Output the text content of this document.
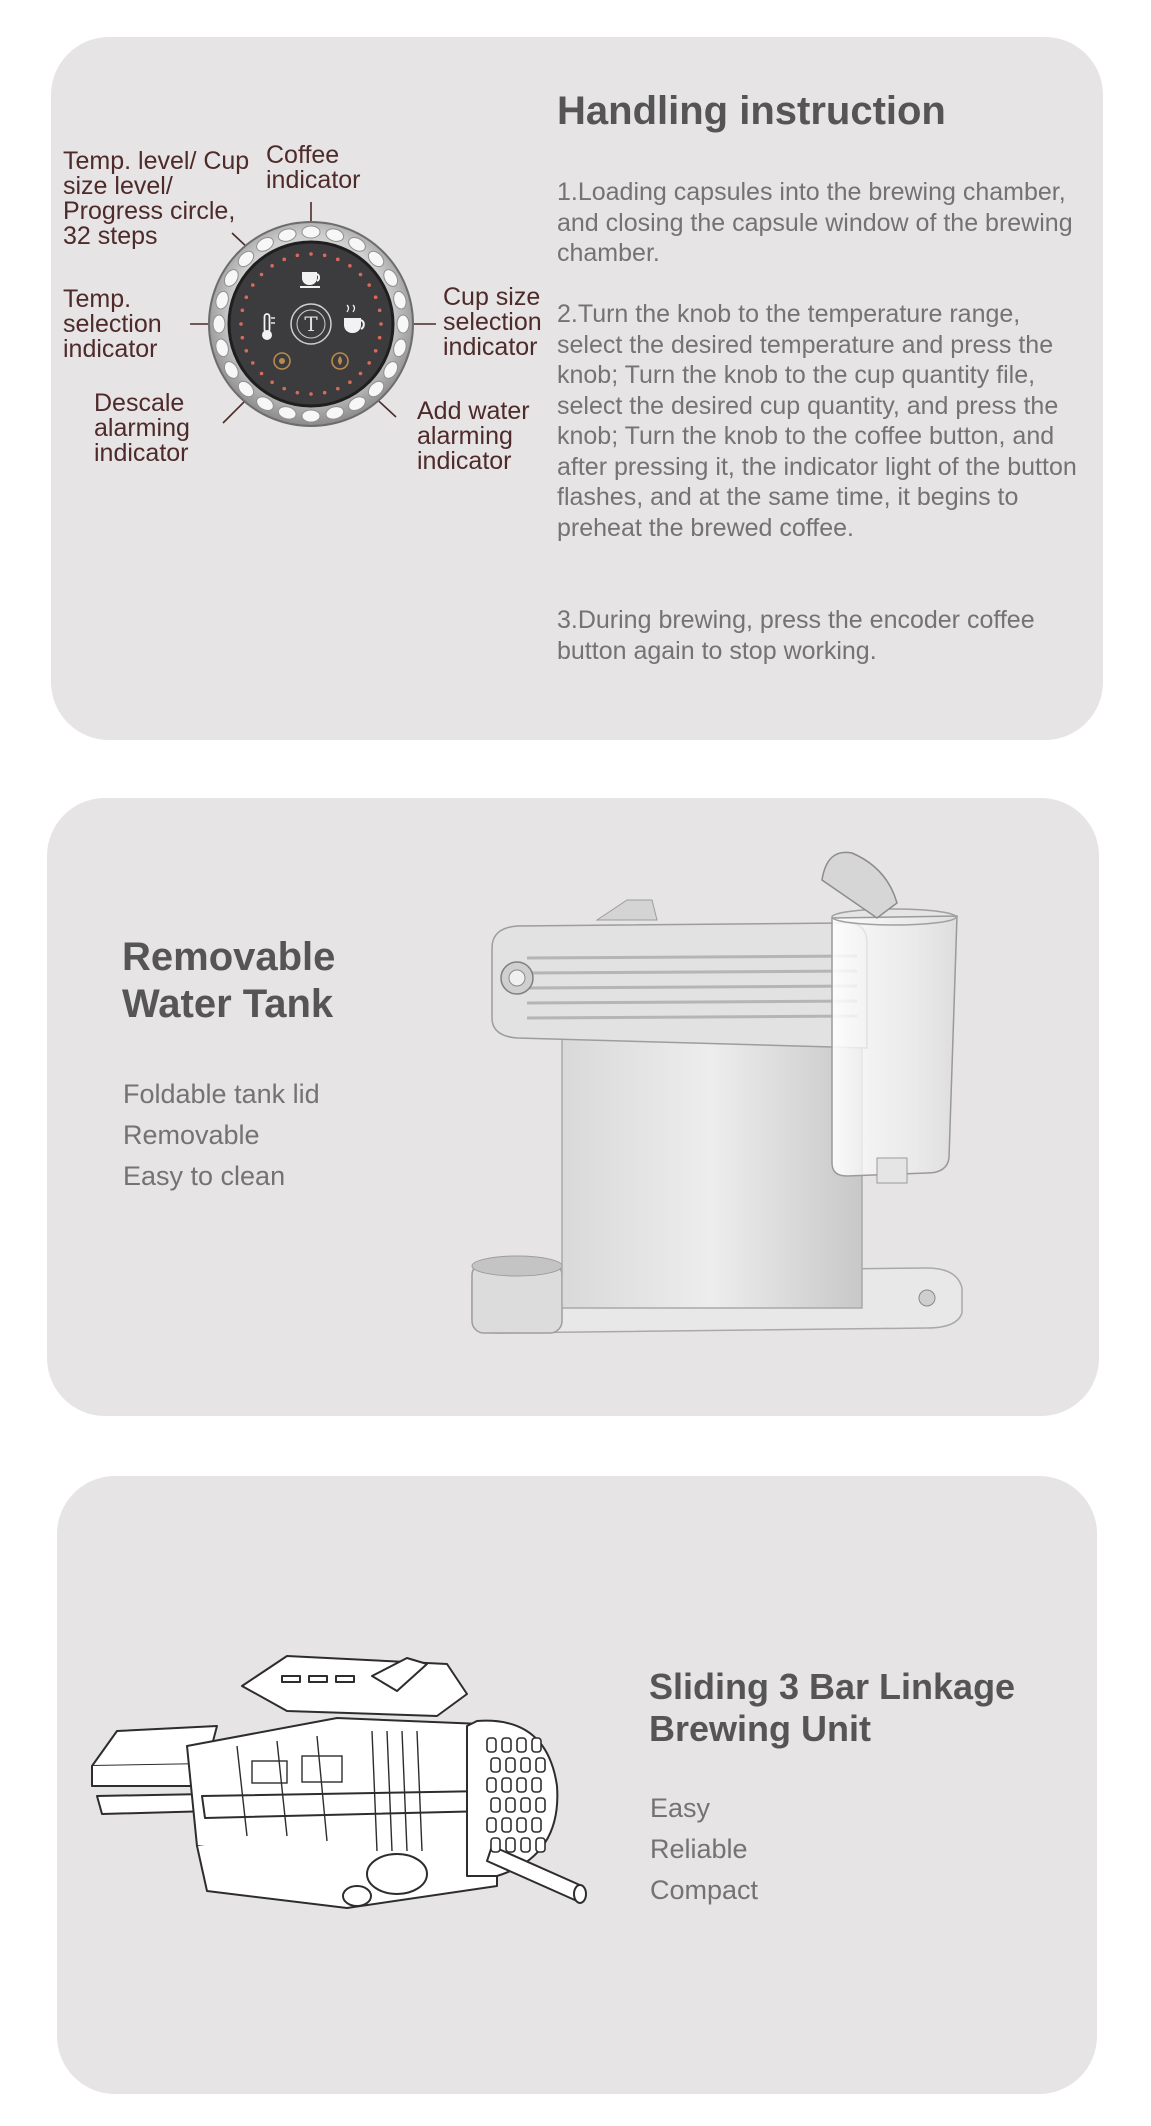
Handling instruction

1.Loading capsules into the brewing chamber, and closing the capsule window of the brewing chamber.

2.Turn the knob to the temperature range, select the desired temperature and press the knob; Turn the knob to the cup quantity file, select the desired cup quantity, and press the knob; Turn the knob to the coffee button, and after pressing it, the indicator light of the button flashes, and at the same time, it begins to preheat the brewed coffee.

3.During brewing, press the encoder coffee button again to stop working.

Temp. level/ Cup size level/ Progress circle, 32 steps

Coffee indicator

Temp. selection indicator

Cup size selection indicator

Descale alarming indicator

Add water alarming indicator

T
Removable
Water Tank
Foldable tank lid
Removable
Easy to clean
Sliding 3 Bar Linkage
Brewing Unit
Easy
Reliable
Compact
